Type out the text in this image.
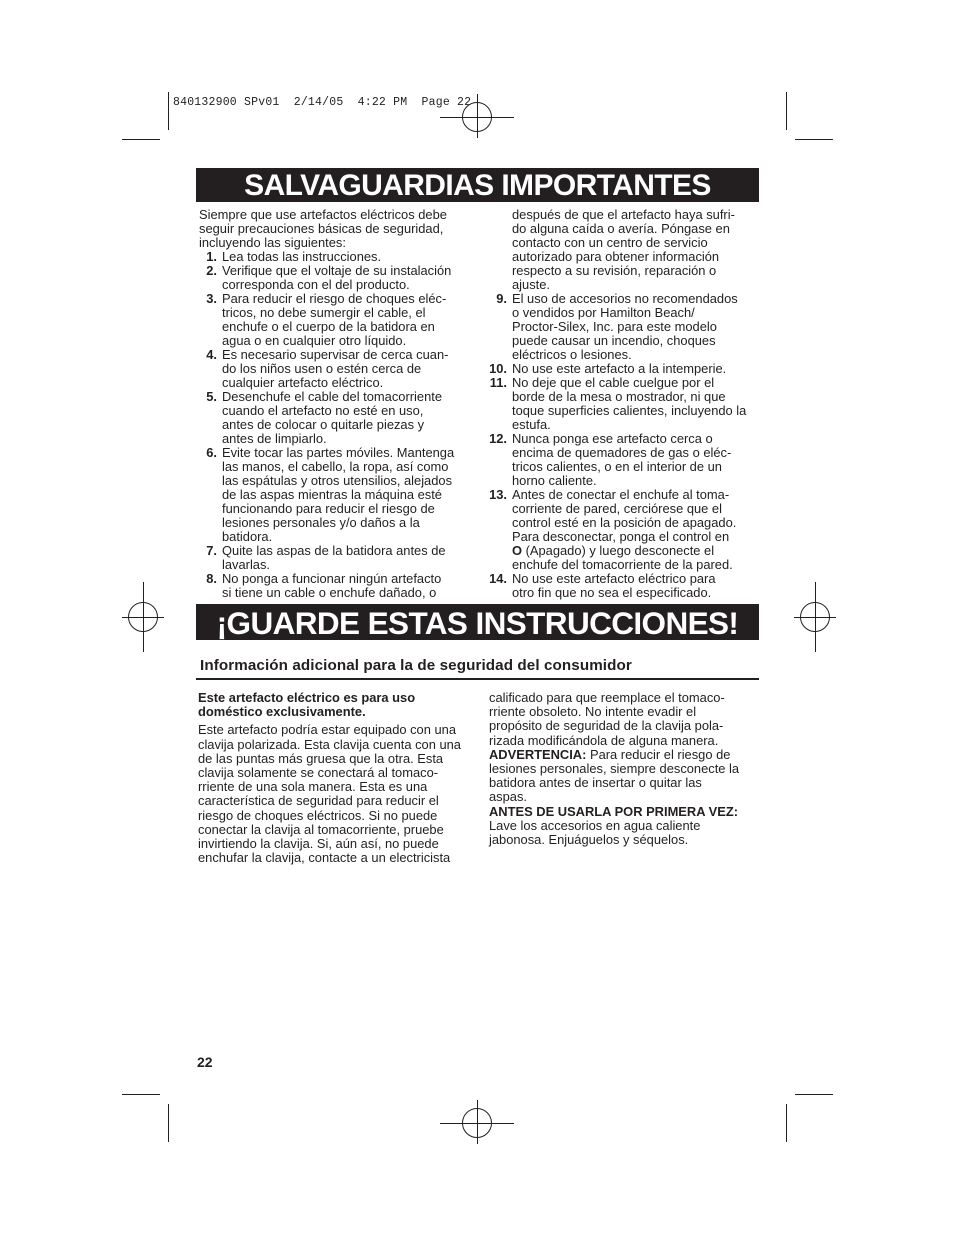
840132900 SPv01  2/14/05  4:22 PM  Page 22
SALVAGUARDIAS IMPORTANTES

Siempre que use artefactos eléctricos debe

seguir precauciones básicas de seguridad,

incluyendo las siguientes:

1. Lea todas las instrucciones.

2. Verifique que el voltaje de su instalación

corresponda con el del producto.

3. Para reducir el riesgo de choques eléc-

tricos, no debe sumergir el cable, el

enchufe o el cuerpo de la batidora en

agua o en cualquier otro líquido.

4. Es necesario supervisar de cerca cuan-

do los niños usen o estén cerca de

cualquier artefacto eléctrico.

5. Desenchufe el cable del tomacorriente

cuando el artefacto no esté en uso,

antes de colocar o quitarle piezas y

antes de limpiarlo.

6. Evite tocar las partes móviles. Mantenga

las manos, el cabello, la ropa, así como

las espátulas y otros utensilios, alejados

de las aspas mientras la máquina esté

funcionando para reducir el riesgo de

lesiones personales y/o daños a la

batidora.

7. Quite las aspas de la batidora antes de

lavarlas.

8. No ponga a funcionar ningún artefacto

si tiene un cable o enchufe dañado, o

después de que el artefacto haya sufri-

do alguna caída o avería. Póngase en

contacto con un centro de servicio

autorizado para obtener información

respecto a su revisión, reparación o

ajuste.

9. El uso de accesorios no recomendados

o vendidos por Hamilton Beach/

Proctor-Silex, Inc. para este modelo

puede causar un incendio, choques

eléctricos o lesiones.

10. No use este artefacto a la intemperie.

11. No deje que el cable cuelgue por el

borde de la mesa o mostrador, ni que

toque superficies calientes, incluyendo la

estufa.

12. Nunca ponga ese artefacto cerca o

encima de quemadores de gas o eléc-

tricos calientes, o en el interior de un

horno caliente.

13. Antes de conectar el enchufe al toma-

corriente de pared, cerciórese que el

control esté en la posición de apagado.

Para desconectar, ponga el control en

O (Apagado) y luego desconecte el

enchufe del tomacorriente de la pared.

14. No use este artefacto eléctrico para

otro fin que no sea el especificado.

¡GUARDE ESTAS INSTRUCCIONES!
Información adicional para la de seguridad del consumidor

Este artefacto eléctrico es para uso

doméstico exclusivamente.

Este artefacto podría estar equipado con una

clavija polarizada. Esta clavija cuenta con una

de las puntas más gruesa que la otra. Esta

clavija solamente se conectará al tomaco-

rriente de una sola manera. Esta es una

característica de seguridad para reducir el

riesgo de choques eléctricos. Si no puede

conectar la clavija al tomacorriente, pruebe

invirtiendo la clavija. Si, aún así, no puede

enchufar la clavija, contacte a un electricista

calificado para que reemplace el tomaco-

rriente obsoleto. No intente evadir el

propósito de seguridad de la clavija pola-

rizada modificándola de alguna manera.

ADVERTENCIA: Para reducir el riesgo de

lesiones personales, siempre desconecte la

batidora antes de insertar o quitar las

aspas.

ANTES DE USARLA POR PRIMERA VEZ:

Lave los accesorios en agua caliente

jabonosa. Enjuáguelos y séquelos.

22
